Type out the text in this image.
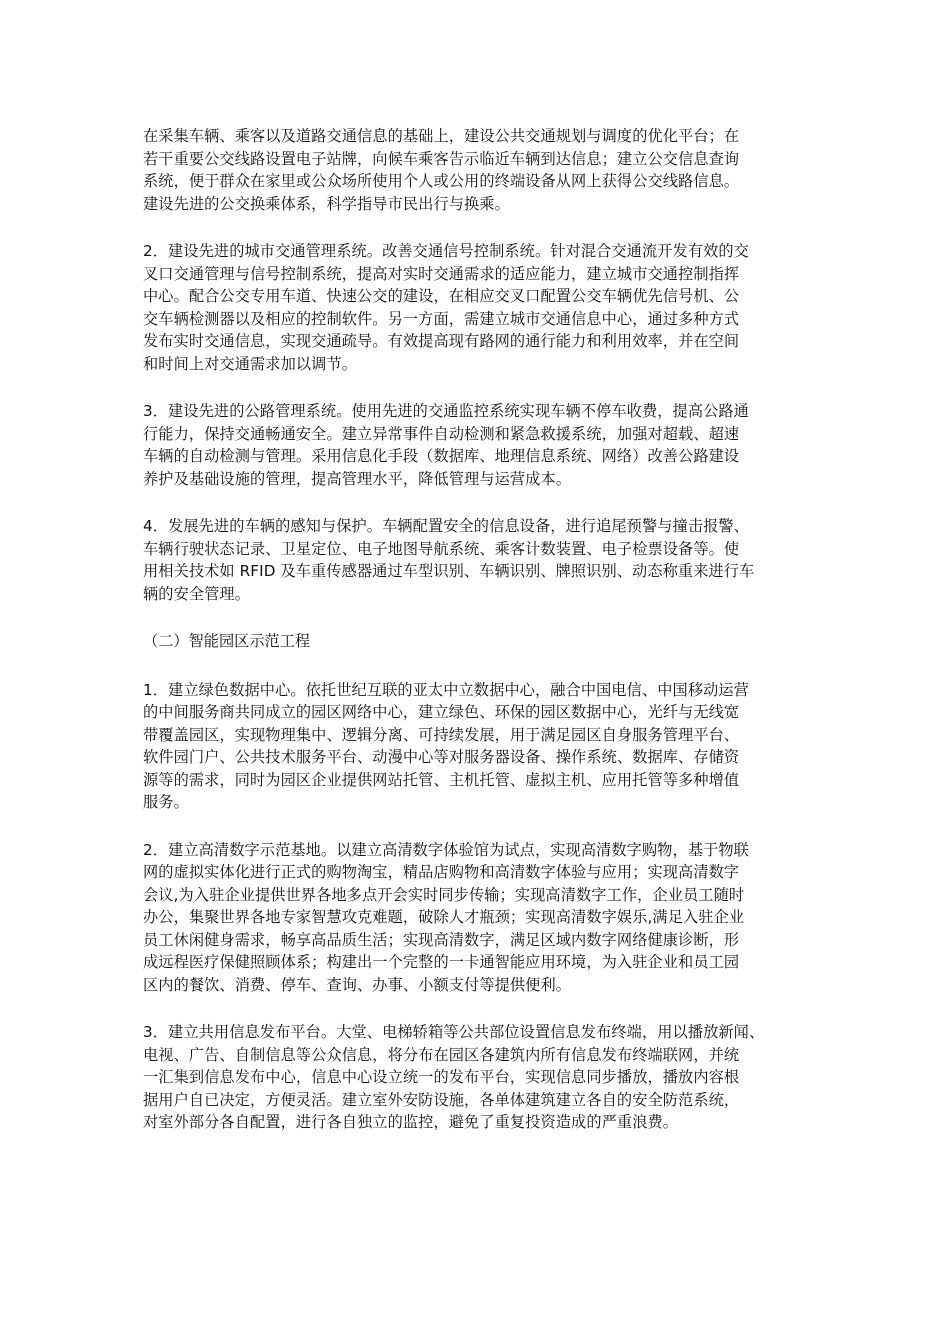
在采集车辆、乘客以及道路交通信息的基础上，建设公共交通规划与调度的优化平台；在
若干重要公交线路设置电子站牌，向候车乘客告示临近车辆到达信息；建立公交信息查询
系统，便于群众在家里或公众场所使用个人或公用的终端设备从网上获得公交线路信息。
建设先进的公交换乘体系，科学指导市民出行与换乘。

2．建设先进的城市交通管理系统。改善交通信号控制系统。针对混合交通流开发有效的交
叉口交通管理与信号控制系统，提高对实时交通需求的适应能力，建立城市交通控制指挥
中心。配合公交专用车道、快速公交的建设，在相应交叉口配置公交车辆优先信号机、公
交车辆检测器以及相应的控制软件。另一方面，需建立城市交通信息中心，通过多种方式
发布实时交通信息，实现交通疏导。有效提高现有路网的通行能力和利用效率，并在空间
和时间上对交通需求加以调节。

3．建设先进的公路管理系统。使用先进的交通监控系统实现车辆不停车收费，提高公路通
行能力，保持交通畅通安全。建立异常事件自动检测和紧急救援系统，加强对超载、超速
车辆的自动检测与管理。采用信息化手段（数据库、地理信息系统、网络）改善公路建设
养护及基础设施的管理，提高管理水平，降低管理与运营成本。

4．发展先进的车辆的感知与保护。车辆配置安全的信息设备，进行追尾预警与撞击报警、
车辆行驶状态记录、卫星定位、电子地图导航系统、乘客计数装置、电子检票设备等。使
用相关技术如 RFID 及车重传感器通过车型识别、车辆识别、牌照识别、动态称重来进行车
辆的安全管理。

（二）智能园区示范工程

1．建立绿色数据中心。依托世纪互联的亚太中立数据中心，融合中国电信、中国移动运营
的中间服务商共同成立的园区网络中心，建立绿色、环保的园区数据中心，光纤与无线宽
带覆盖园区，实现物理集中、逻辑分离、可持续发展，用于满足园区自身服务管理平台、
软件园门户、公共技术服务平台、动漫中心等对服务器设备、操作系统、数据库、存储资
源等的需求，同时为园区企业提供网站托管、主机托管、虚拟主机、应用托管等多种增值
服务。

2．建立高清数字示范基地。以建立高清数字体验馆为试点，实现高清数字购物，基于物联
网的虚拟实体化进行正式的购物淘宝，精品店购物和高清数字体验与应用；实现高清数字
会议,为入驻企业提供世界各地多点开会实时同步传输；实现高清数字工作，企业员工随时
办公，集聚世界各地专家智慧攻克难题，破除人才瓶颈；实现高清数字娱乐,满足入驻企业
员工休闲健身需求，畅享高品质生活；实现高清数字，满足区域内数字网络健康诊断，形
成远程医疗保健照顾体系；构建出一个完整的一卡通智能应用环境，为入驻企业和员工园
区内的餐饮、消费、停车、查询、办事、小额支付等提供便利。

3．建立共用信息发布平台。大堂、电梯轿箱等公共部位设置信息发布终端，用以播放新闻、
电视、广告、自制信息等公众信息，将分布在园区各建筑内所有信息发布终端联网，并统
一汇集到信息发布中心，信息中心设立统一的发布平台，实现信息同步播放，播放内容根
据用户自已决定，方便灵活。建立室外安防设施，各单体建筑建立各自的安全防范系统，
对室外部分各自配置，进行各自独立的监控，避免了重复投资造成的严重浪费。
